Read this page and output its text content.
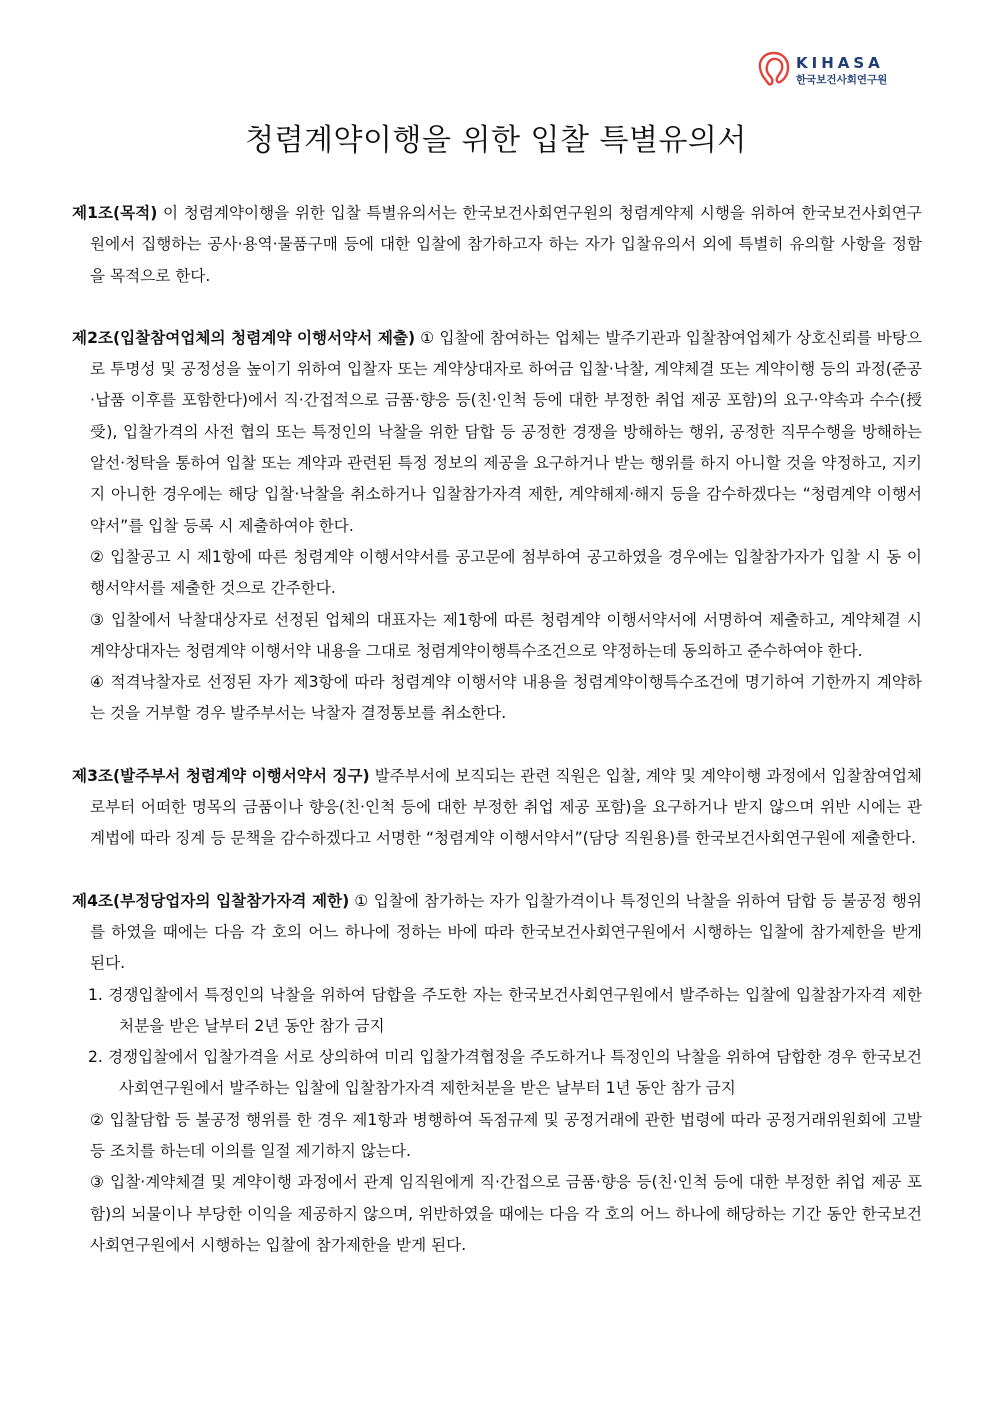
KIHASA
한국보건사회연구원
청렴계약이행을 위한 입찰 특별유의서

제1조(목적) 이 청렴계약이행을 위한 입찰 특별유의서는 한국보건사회연구원의 청렴계약제 시행을 위하여 한국보건사회연구원에서 집행하는 공사·용역·물품구매 등에 대한 입찰에 참가하고자 하는 자가 입찰유의서 외에 특별히 유의할 사항을 정함을 목적으로 한다.

제2조(입찰참여업체의 청렴계약 이행서약서 제출) ① 입찰에 참여하는 업체는 발주기관과 입찰참여업체가 상호신뢰를 바탕으로 투명성 및 공정성을 높이기 위하여 입찰자 또는 계약상대자로 하여금 입찰·낙찰, 계약체결 또는 계약이행 등의 과정(준공·납품 이후를 포함한다)에서 직·간접적으로 금품·향응 등(친·인척 등에 대한 부정한 취업 제공 포함)의 요구·약속과 수수(授受), 입찰가격의 사전 협의 또는 특정인의 낙찰을 위한 담합 등 공정한 경쟁을 방해하는 행위, 공정한 직무수행을 방해하는 알선·청탁을 통하여 입찰 또는 계약과 관련된 특정 정보의 제공을 요구하거나 받는 행위를 하지 아니할 것을 약정하고, 지키지 아니한 경우에는 해당 입찰·낙찰을 취소하거나 입찰참가자격 제한, 계약해제·해지 등을 감수하겠다는 “청렴계약 이행서약서”를 입찰 등록 시 제출하여야 한다.

② 입찰공고 시 제1항에 따른 청렴계약 이행서약서를 공고문에 첨부하여 공고하였을 경우에는 입찰참가자가 입찰 시 동 이행서약서를 제출한 것으로 간주한다.

③ 입찰에서 낙찰대상자로 선정된 업체의 대표자는 제1항에 따른 청렴계약 이행서약서에 서명하여 제출하고, 계약체결 시 계약상대자는 청렴계약 이행서약 내용을 그대로 청렴계약이행특수조건으로 약정하는데 동의하고 준수하여야 한다.

④ 적격낙찰자로 선정된 자가 제3항에 따라 청렴계약 이행서약 내용을 청렴계약이행특수조건에 명기하여 기한까지 계약하는 것을 거부할 경우 발주부서는 낙찰자 결정통보를 취소한다.

제3조(발주부서 청렴계약 이행서약서 징구) 발주부서에 보직되는 관련 직원은 입찰, 계약 및 계약이행 과정에서 입찰참여업체로부터 어떠한 명목의 금품이나 향응(친·인척 등에 대한 부정한 취업 제공 포함)을 요구하거나 받지 않으며 위반 시에는 관계법에 따라 징계 등 문책을 감수하겠다고 서명한 “청렴계약 이행서약서”(담당 직원용)를 한국보건사회연구원에 제출한다.

제4조(부정당업자의 입찰참가자격 제한) ① 입찰에 참가하는 자가 입찰가격이나 특정인의 낙찰을 위하여 담합 등 불공정 행위를 하였을 때에는 다음 각 호의 어느 하나에 정하는 바에 따라 한국보건사회연구원에서 시행하는 입찰에 참가제한을 받게 된다.

1. 경쟁입찰에서 특정인의 낙찰을 위하여 담합을 주도한 자는 한국보건사회연구원에서 발주하는 입찰에 입찰참가자격 제한처분을 받은 날부터 2년 동안 참가 금지

2. 경쟁입찰에서 입찰가격을 서로 상의하여 미리 입찰가격협정을 주도하거나 특정인의 낙찰을 위하여 담합한 경우 한국보건사회연구원에서 발주하는 입찰에 입찰참가자격 제한처분을 받은 날부터 1년 동안 참가 금지

② 입찰담합 등 불공정 행위를 한 경우 제1항과 병행하여 독점규제 및 공정거래에 관한 법령에 따라 공정거래위원회에 고발 등 조치를 하는데 이의를 일절 제기하지 않는다.

③ 입찰·계약체결 및 계약이행 과정에서 관계 임직원에게 직·간접으로 금품·향응 등(친·인척 등에 대한 부정한 취업 제공 포함)의 뇌물이나 부당한 이익을 제공하지 않으며, 위반하였을 때에는 다음 각 호의 어느 하나에 해당하는 기간 동안 한국보건사회연구원에서 시행하는 입찰에 참가제한을 받게 된다.
